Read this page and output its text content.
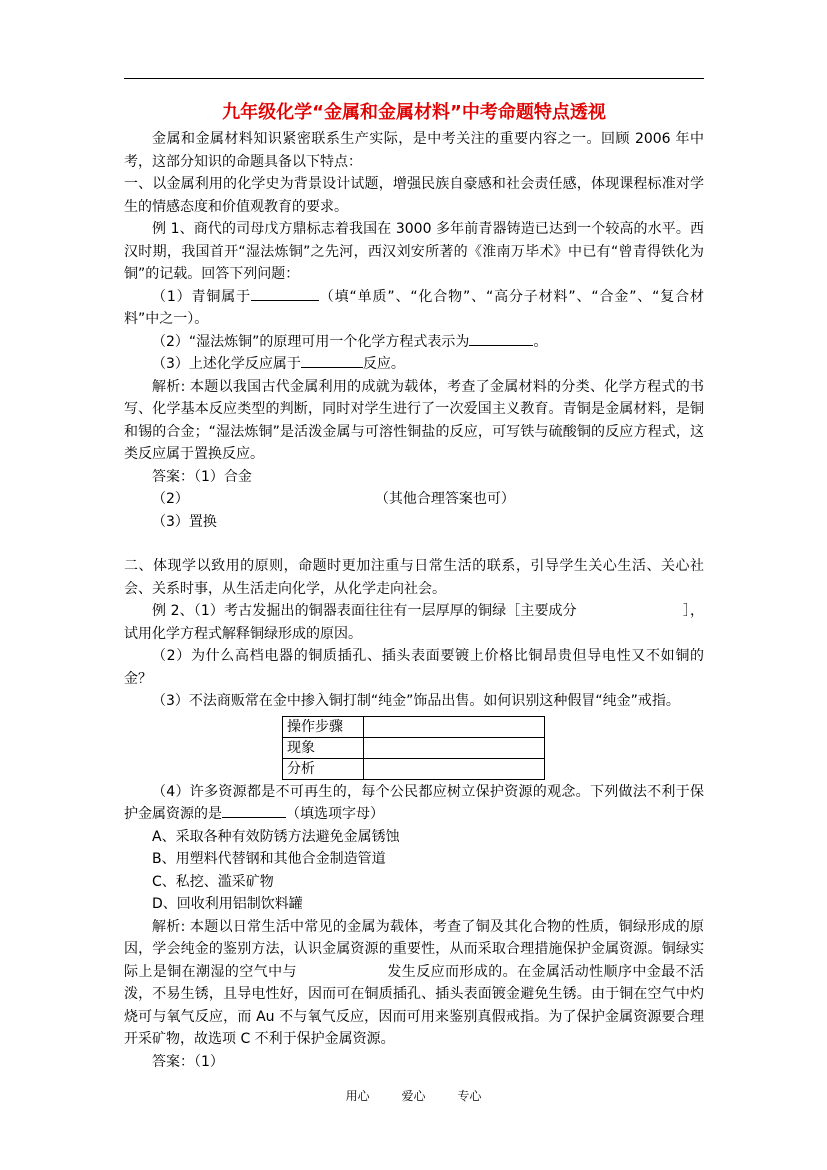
九年级化学“金属和金属材料”中考命题特点透视

金属和金属材料知识紧密联系生产实际，是中考关注的重要内容之一。回顾 2006 年中考，这部分知识的命题具备以下特点：

一、以金属利用的化学史为背景设计试题，增强民族自豪感和社会责任感，体现课程标准对学生的情感态度和价值观教育的要求。

例 1、商代的司母戊方鼎标志着我国在 3000 多年前青器铸造已达到一个较高的水平。西汉时期，我国首开“湿法炼铜”之先河，西汉刘安所著的《淮南万毕术》中已有“曾青得铁化为铜”的记载。回答下列问题：

（1）青铜属于	（填“单质”、“化合物”、“高分子材料”、“合金”、“复合材料”中之一）。

（2）“湿法炼铜”的原理可用一个化学方程式表示为	。

（3）上述化学反应属于	反应。

解析: 本题以我国古代金属利用的成就为载体，考查了金属材料的分类、化学方程式的书写、化学基本反应类型的判断，同时对学生进行了一次爱国主义教育。青铜是金属材料，是铜和锡的合金；“湿法炼铜”是活泼金属与可溶性铜盐的反应，可写铁与硫酸铜的反应方程式，这类反应属于置换反应。

答案：（1）合金

（2）	（其他合理答案也可）

（3）置换

二、体现学以致用的原则，命题时更加注重与日常生活的联系，引导学生关心生活、关心社会、关系时事，从生活走向化学，从化学走向社会。

例 2、（1）考古发掘出的铜器表面往往有一层厚厚的铜绿［主要成分	］，试用化学方程式解释铜绿形成的原因。

（2）为什么高档电器的铜质插孔、插头表面要镀上价格比铜昂贵但导电性又不如铜的金？

（3）不法商贩常在金中掺入铜打制“纯金”饰品出售。如何识别这种假冒“纯金”戒指。

操作步骤	
现象	
分析	

（4）许多资源都是不可再生的，每个公民都应树立保护资源的观念。下列做法不利于保护金属资源的是	（填选项字母）

A、采取各种有效防锈方法避免金属锈蚀

B、用塑料代替钢和其他合金制造管道

C、私挖、滥采矿物

D、回收利用铝制饮料罐

解析: 本题以日常生活中常见的金属为载体，考查了铜及其化合物的性质，铜绿形成的原因，学会纯金的鉴别方法，认识金属资源的重要性，从而采取合理措施保护金属资源。铜绿实际上是铜在潮湿的空气中与	发生反应而形成的。在金属活动性顺序中金最不活泼，不易生锈，且导电性好，因而可在铜质插孔、插头表面镀金避免生锈。由于铜在空气中灼烧可与氧气反应，而 Au 不与氧气反应，因而可用来鉴别真假戒指。为了保护金属资源要合理开采矿物，故选项 C 不利于保护金属资源。

答案：（1）

用心	爱心	专心
